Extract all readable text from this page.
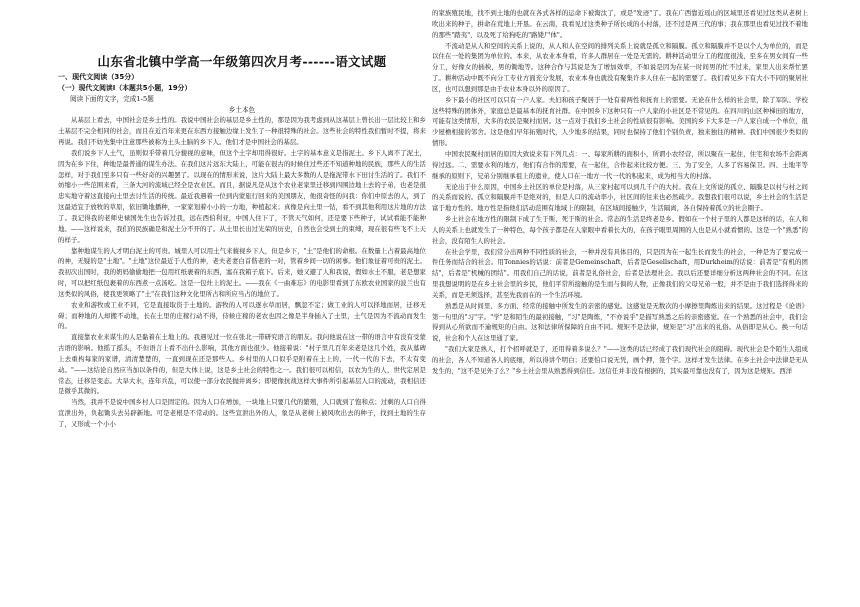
山东省北镇中学高一年级第四次月考------语文试题

一、现代文阅读（35分）

（一）现代文阅读Ⅰ（本题共5小题，19分）

阅读下面的文字，完成1-5题

乡土本色

从基层上看去，中国社会是乡土性的。我说中国社会的基层是乡土性的，那是因为我考虑到从这基层上曾长出一层比较上和乡土基层不完全相同的社会，而且在近百年来更在东西方接触边缘上发生了一种很特殊的社会。这些社会的特性我们暂时不提，将来再说。我们不妨先集中注意那些被称为土头土脑的乡下人。他们才是中国社会的基层。

我们说乡下人土气，虽则似乎带着几分藐视的意味，但这个土字却用得很好。土字的基本意义是指泥土。乡下人离不了泥土，因为在乡下住，种地是最普通的谋生办法。在我们这片远东大陆上，可能在很古的时候住过些还不知道种地的民族，那些人的生活怎样，对于我们至多只有一些好奇的兴趣罢了。以现在的情形来说，这片大陆上最大多数的人是拖泥带水下田讨生活的了。我们不妨缩小一些范围来看，三条大河的流域已经全是农业区。而且，据说凡是从这个农业老家里迁移到四围边地上去的子弟，也老是很忠实地守着这直接向土里去讨生活的传统。最近我遇着一位到内蒙旅行回来的美国朋友，他很奇怪的问我：你们中原去的人，到了这最适宜于放牧的草原，依旧锄地播种，一家家划着小小的一方地，种植起来；真像是向土里一钻，看不到其他利用这片地的方法了。我记得我的老师史禄国先生也告诉过我，远在西伯利亚，中国人住下了，不管天气如何，还是要下些种子，试试看能不能种地。——这样说来，我们的民族确是和泥土分不开的了。从土里长出过光荣的历史，自然也会受到土的束缚，现在很有些飞不上天的样子。

靠种地谋生的人才明白泥土的可贵。城里人可以用土气来藐视乡下人，但是乡下，"土"是他们的命根。在数量上占着最高地位的神，无疑的是"土地"。"土地"这位最近于人性的神，老夫老妻白首偕老的一对，管着乡间一切的闲事。他们象征着可贵的泥土。我初次出国时，我的奶妈偷偷地把一包用红纸裹着的东西，塞在我箱子底下。后来，她又避了人和我说，假如水土不服，老是想家时，可以把红纸包裹着的东西煮一点汤吃。这是一包灶上的泥土。——我在《一曲难忘》的电影里看到了东欧农业国家的波兰也有这类似的风俗，使我更领略了"土"在我们这种文化里所占和所应当占的地位了。

农业和游牧或工业不同，它是直接取资于土地的。游牧的人可以逐水草而居，飘忽不定；做工业的人可以择地而居，迁移无碍；而种地的人却搬不动地，长在土里的庄稼行动不得，侍候庄稼的老农也因之像是半身插入了土里，土气是因为不流动而发生的。

直接靠农业来谋生的人是黏着在土地上的。我遇见过一位在张北一带研究语言的朋友。我问他说在这一带的语言中有没有受蒙古语的影响。他摇了摇头，不但语言上看不出什么影响，其他方面也很少。他接着说："村子里几百年来老是这几个姓，我从墓碑上去重构每家的家谱，清清楚楚的，一直到现在还是那些人。乡村里的人口似乎是附着在土上的，一代一代的下去，不太有变动。"——这结论自然应当加以条件的，但是大体上说，这是乡土社会的特性之一。我们很可以相信，以农为生的人，世代定居是常态，迁移是变态。大旱大水，连年兵乱，可以使一部分农民抛井离乡；即使像抗战这样大事件所引起基层人口的流动，我相信还是微乎其微的。

当然，我并不是说中国乡村人口是固定的。因为人口在增加，一块地上只要几代的繁殖，人口就到了饱和点；过剩的人口自得宣泄出外，负起锄头去另辟新地。可是老根是不常动的。这些宣泄出外的人，象是从老树上被风吹出去的种子，找到土地的生存了，又形成一个小小

的家族殖民地，找不到土地的也就在各式各样的运命下被淘汰了，或是"发迹"了。我在广西靠近瑶山的区域里还看见过这类从老树上吹出来的种子，拼命在荒地上开垦。在云南，我看见过这类种子所长成的小村落，还不过是两三代的事；我在那里也看见过找不着地的那些"踏夷"，以及死了给狗吃的"路毙尸体"。

不流动是从人和空间的关系上说的，从人和人在空间的排列关系上说就是孤立和隔膜。孤立和隔膜并不是以个人为单位的，而是以住在一处的集团为单位的。本来，从农业本身看，许多人群居在一处是无需的。耕种活动里分工的程度很浅，至多在男女间有一些分工，好像女的插秧，男的锄地等。这种合作与其说是为了增加效率，不如说是因为在某一时间男的忙不过来，家里人出来帮忙罢了。耕种活动中既不向分工专业方面充分发展，农业本身也就没有聚集许多人住在一起的需要了。我们看见乡下有大小不同的聚居社区，也可以想到那是由于农业本身以外的原因了。

乡下最小的社区可以只有一户人家。夫妇和孩子聚居于一处有着两性和抚育上的需要。无论在什么样的社会里，除了军队、学校这些特殊的团体外，家庭总是最基本的抚育社群。在中国乡下这种只有一户人家的小社区是不常见的。在四川的山区种梯田的地方，可能有这类情形，大多的农民是聚村而居。这一点对于我们乡土社会的性质很有影响。美国的乡下大多是一户人家自成一个单位，很少屋檐相接的邻舍。这是他们早年拓殖时代，人少地多的结果，同时也保持了他们个别负责，独来独往的精神。我们中国很少类似的情形。

中国农民聚村而居的原因大致说来有下列几点：一、每家所耕的面积小，所谓小农经营，所以聚在一起住，住宅和农场不会距离得过远。二、需要水利的地方，他们有合作的需要，在一起住，合作起来比较方便。三、为了安全，人多了容易保卫。四、土地平等继承的原则下，兄弟分别继承祖上的遗业，使人口在一地方一代一代的积起来，成为相当大的村落。

无论出于什么原因，中国乡土社区的单位是村落，从三家村起可以到几千户的大村。我在上文所说的孤立、隔膜是以村与村之间的关系而说的。孤立和隔膜并不是绝对的，但是人口的流动率小，社区间的往来也必然疏少。我想我们很可以说，乡土社会的生活是富于地方性的。地方性是指他们活动范围有地域上的限制，在区域间接触少，生活隔离，各自保持着孤立的社会圈子。

乡土社会在地方性的限制下成了生于斯、死于斯的社会。常态的生活是终老是乡。假如在一个村子里的人都是这样的话，在人和人的关系上也就发生了一种特色，每个孩子都是在人家眼中看着长大的，在孩子眼里周围的人也是从小就看惯的。这是一个"熟悉"的社会，没有陌生人的社会。

在社会学里，我们常分出两种不同性质的社会，一种并没有具体目的，只是因为在一起生长而发生的社会，一种是为了要完成一件任务而结合的社会。用Tonnies的话说：前者是Gemeinschaft，后者是Gesellschaft，用Durkheim的话说：前者是"有机的团结"，后者是"机械的团结"。用我们自己的话说，前者是礼俗社会，后者是法理社会。我以后还要详细分析这两种社会的不同。在这里我想说明的是在乡土社会里的乡民，他们平常所接触的是生而与俱的人物，正像我们的父母兄弟一般，并不是由于我们选择得来的关系，而是无须选择，甚至先我而在的一个生活环境。

熟悉是从时间里、多方面、经常的接触中所发生的亲密的感觉。这感觉是无数次的小摩擦里陶炼出来的结果。这过程是《论语》第一句里的"习"字。"学"是和陌生的最初接触，"习"是陶炼，"不亦说乎"是描写熟悉之后的亲密感觉。在一个熟悉的社会中，我们会得到从心所欲而不逾规矩的自由。这和法律所保障的自由不同。规矩不是法律，规矩是"习"出来的礼俗。从俗即是从心。换一句话说，社会和个人在这里通了家。

"我们大家是熟人，打个招呼就是了，还用得着多说么？"——这类的话已经成了我们现代社会的阻碍。现代社会是个陌生人组成的社会，各人不知道各人的底细，所以得讲个明白；还要怕口说无凭，画个押，签个字。这样才发生法律。在乡土社会中法律是无从发生的，"这不是见外了么？"乡土社会里从熟悉得到信任。这信任并非没有根据的，其实最可靠也没有了，因为这是规矩。西洋
